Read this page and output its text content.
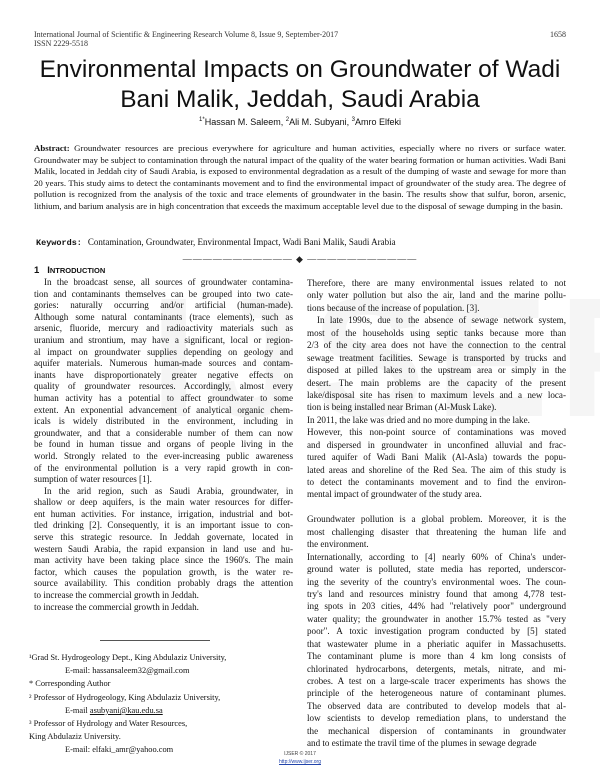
International Journal of Scientific & Engineering Research Volume 8, Issue 9, September-2017
ISSN 2229-5518
1658
Environmental Impacts on Groundwater of Wadi
Bani Malik, Jeddah, Saudi Arabia
$^{1*}$Hassan M. Saleem, $^2$Ali M. Subyani, $^3$Amro Elfeki
Abstract: Groundwater resources are precious everywhere for agriculture and human activities, especially where no rivers or surface water. Groundwater may be subject to contamination through the natural impact of the quality of the water bearing formation or human activities. Wadi Bani Malik, located in Jeddah city of Saudi Arabia, is exposed to environmental degradation as a result of the dumping of waste and sewage for more than 20 years. This study aims to detect the contaminants movement and to find the environmental impact of groundwater of the study area. The degree of pollution is recognized from the analysis of the toxic and trace elements of groundwater in the basin. The results show that sulfur, boron, arsenic, lithium, and barium analysis are in high concentration that exceeds the maximum acceptable level due to the disposal of sewage dumping in the basin.
Keywords: Contamination, Groundwater, Environmental Impact, Wadi Bani Malik, Saudi Arabia
——————————— ◆ ———————————
1 INTRODUCTION
In the broadcast sense, all sources of groundwater contamina-
tion and contaminants themselves can be grouped into two cate-
gories: naturally occurring and/or artificial (human-made).
Although some natural contaminants (trace elements), such as
arsenic, fluoride, mercury and radioactivity materials such as
uranium and strontium, may have a significant, local or region-
al impact on groundwater supplies depending on geology and
aquifer materials. Numerous human-made sources and contam-
inants have disproportionately greater negative effects on
quality of groundwater resources. Accordingly, almost every
human activity has a potential to affect groundwater to some
extent. An exponential advancement of analytical organic chem-
icals is widely distributed in the environment, including in
groundwater, and that a considerable number of them can now
be found in human tissue and organs of people living in the
world. Strongly related to the ever-increasing public awareness
of the environmental pollution is a very rapid growth in con-
sumption of water resources [1].
In the arid region, such as Saudi Arabia, groundwater, in
shallow or deep aquifers, is the main water resources for differ-
ent human activities. For instance, irrigation, industrial and bot-
tled drinking [2]. Consequently, it is an important issue to con-
serve this strategic resource. In Jeddah governate, located in
western Saudi Arabia, the rapid expansion in land use and hu-
man activity have been taking place since the 1960's. The main
factor, which causes the population growth, is the water re-
source availability. This condition probably drags the attention
to increase the commercial growth in Jeddah.
to increase the commercial growth in Jeddah.
Therefore, there are many environmental issues related to not
only water pollution but also the air, land and the marine pollu-
tions because of the increase of population. [3].
In late 1990s, due to the absence of sewage network system,
most of the households using septic tanks because more than
2/3 of the city area does not have the connection to the central
sewage treatment facilities. Sewage is transported by trucks and
disposed at pilled lakes to the upstream area or simply in the
desert. The main problems are the capacity of the present
lake/disposal site has risen to maximum levels and a new loca-
tion is being installed near Briman (Al-Musk Lake).
In 2011, the lake was dried and no more dumping in the lake.
However, this non-point source of contaminations was moved
and dispersed in groundwater in unconfined alluvial and frac-
tured aquifer of Wadi Bani Malik (Al-Asla) towards the popu-
lated areas and shoreline of the Red Sea. The aim of this study is
to detect the contaminants movement and to find the environ-
mental impact of groundwater of the study area.
Groundwater pollution is a global problem. Moreover, it is the
most challenging disaster that threatening the human life and
the environment.
Internationally, according to [4] nearly 60% of China's under-
ground water is polluted, state media has reported, underscor-
ing the severity of the country's environmental woes. The coun-
try's land and resources ministry found that among 4,778 test-
ing spots in 203 cities, 44% had "relatively poor" underground
water quality; the groundwater in another 15.7% tested as "very
poor". A toxic investigation program conducted by [5] stated
that wastewater plume in a pheriatic aquifer in Massachusetts.
The contaminant plume is more than 4 km long consists of
chlorinated hydrocarbons, detergents, metals, nitrate, and mi-
crobes. A test on a large-scale tracer experiments has shows the
principle of the heterogeneous nature of contaminant plumes.
The observed data are contributed to develop models that al-
low scientists to develop remediation plans, to understand the
the mechanical dispersion of contaminants in groundwater
and to estimate the travil time of the plumes in sewage degrade
¹Grad St. Hydrogeology Dept., King Abdulaziz University,
E-mail: hassansaleem32@gmail.com
* Corresponding Author
² Professor of Hydrogeology, King Abdulaziz University,
E-mail asubyani@kau.edu.sa
³ Professor of Hydrology and Water Resources,
King Abdulaziz University.
E-mail: elfaki_amr@yahoo.com	IJSER © 2017
http://www.ijser.org
